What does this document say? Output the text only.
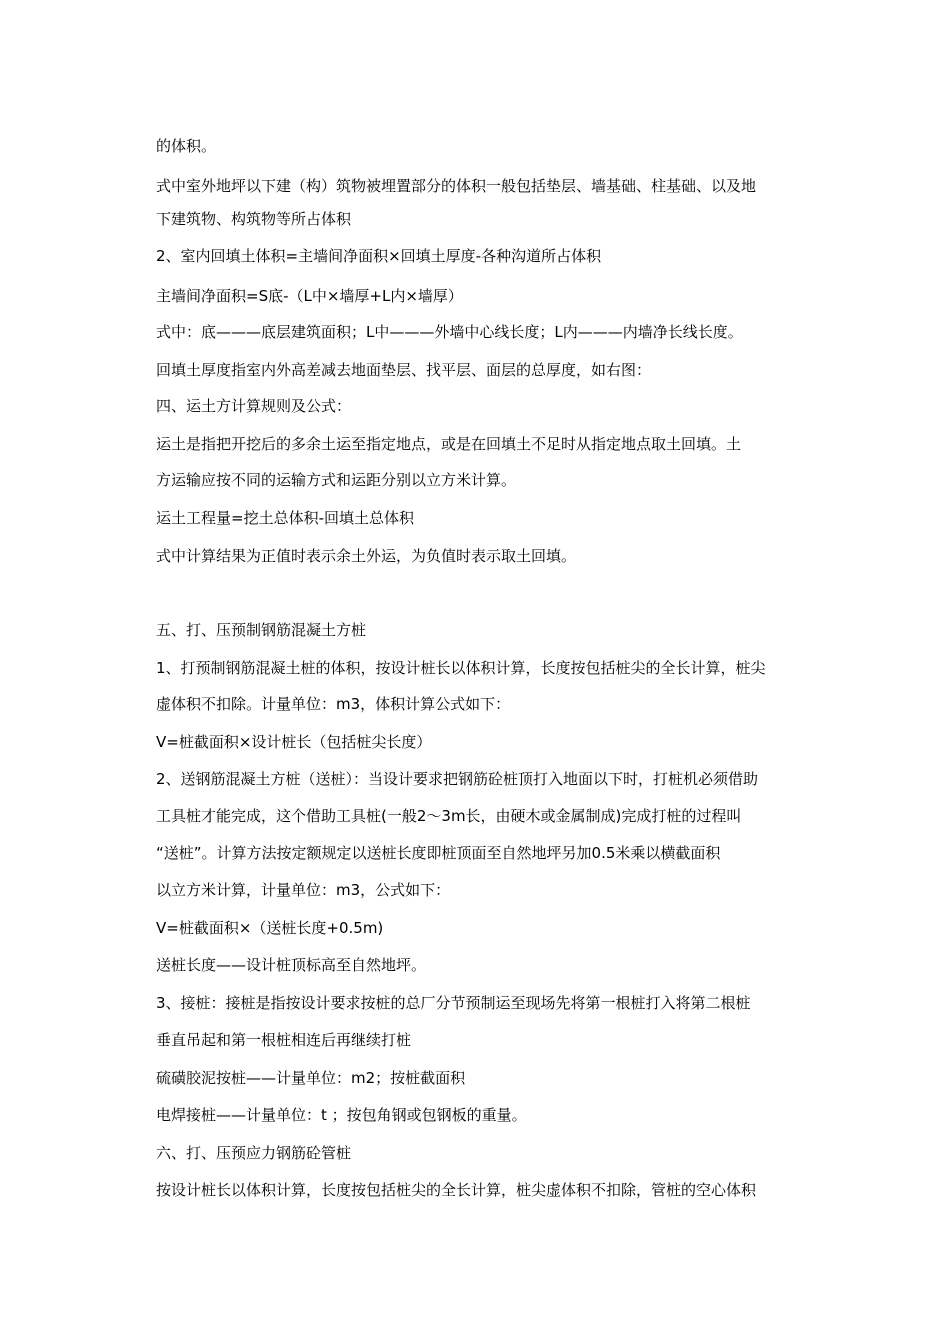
的体积。
式中室外地坪以下建（构）筑物被埋置部分的体积一般包括垫层、墙基础、柱基础、以及地
下建筑物、构筑物等所占体积
2、室内回填土体积=主墙间净面积×回填土厚度-各种沟道所占体积
主墙间净面积=S底-（L中×墙厚+L内×墙厚）
式中：底———底层建筑面积；L中———外墙中心线长度；L内———内墙净长线长度。
回填土厚度指室内外高差减去地面垫层、找平层、面层的总厚度，如右图：
四、运土方计算规则及公式：
运土是指把开挖后的多余土运至指定地点，或是在回填土不足时从指定地点取土回填。土
方运输应按不同的运输方式和运距分别以立方米计算。
运土工程量=挖土总体积-回填土总体积
式中计算结果为正值时表示余土外运，为负值时表示取土回填。
五、打、压预制钢筋混凝土方桩
1、打预制钢筋混凝土桩的体积，按设计桩长以体积计算，长度按包括桩尖的全长计算，桩尖
虚体积不扣除。计量单位：m3，体积计算公式如下：
V=桩截面积×设计桩长（包括桩尖长度）
2、送钢筋混凝土方桩（送桩）：当设计要求把钢筋砼桩顶打入地面以下时，打桩机必须借助
工具桩才能完成，这个借助工具桩(一般2～3m长，由硬木或金属制成)完成打桩的过程叫
“送桩”。计算方法按定额规定以送桩长度即桩顶面至自然地坪另加0.5米乘以横截面积
以立方米计算，计量单位：m3，公式如下：
V=桩截面积×（送桩长度+0.5m)
送桩长度——设计桩顶标高至自然地坪。
3、接桩：接桩是指按设计要求按桩的总厂分节预制运至现场先将第一根桩打入将第二根桩
垂直吊起和第一根桩相连后再继续打桩
硫磺胶泥按桩——计量单位：m2；按桩截面积
电焊接桩——计量单位：t ；按包角钢或包钢板的重量。
六、打、压预应力钢筋砼管桩
按设计桩长以体积计算，长度按包括桩尖的全长计算，桩尖虚体积不扣除，管桩的空心体积
